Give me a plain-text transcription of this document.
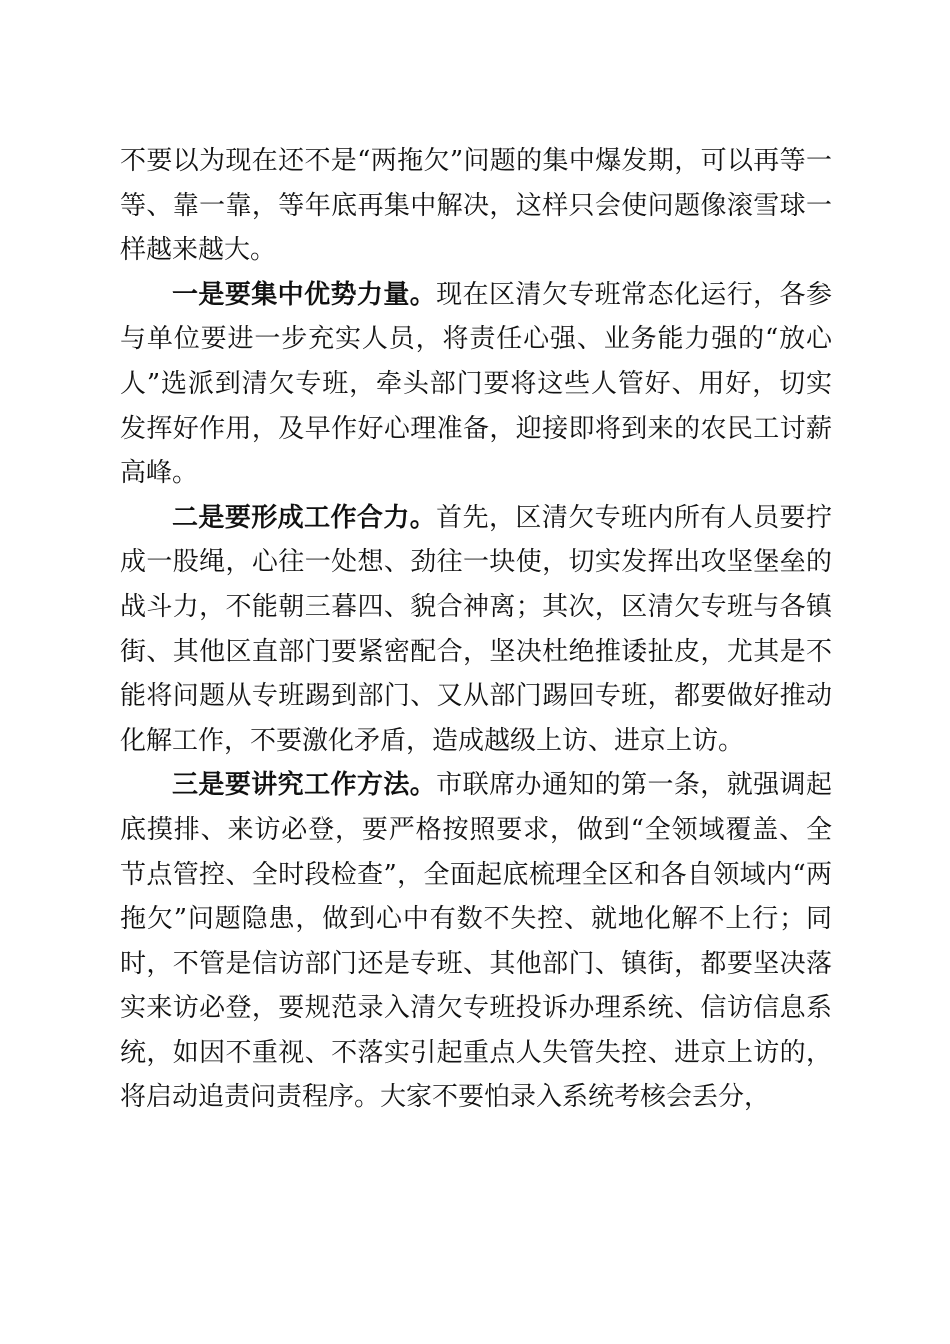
不要以为现在还不是“两拖欠”问题的集中爆发期，可以再等一等、靠一靠，等年底再集中解决，这样只会使问题像滚雪球一样越来越大。

一是要集中优势力量。现在区清欠专班常态化运行，各参与单位要进一步充实人员，将责任心强、业务能力强的“放心人”选派到清欠专班，牵头部门要将这些人管好、用好，切实发挥好作用，及早作好心理准备，迎接即将到来的农民工讨薪高峰。

二是要形成工作合力。首先，区清欠专班内所有人员要拧成一股绳，心往一处想、劲往一块使，切实发挥出攻坚堡垒的战斗力，不能朝三暮四、貌合神离；其次，区清欠专班与各镇街、其他区直部门要紧密配合，坚决杜绝推诿扯皮，尤其是不能将问题从专班踢到部门、又从部门踢回专班，都要做好推动化解工作，不要激化矛盾，造成越级上访、进京上访。

三是要讲究工作方法。市联席办通知的第一条，就强调起底摸排、来访必登，要严格按照要求，做到“全领域覆盖、全节点管控、全时段检查”，全面起底梳理全区和各自领域内“两拖欠”问题隐患，做到心中有数不失控、就地化解不上行；同时，不管是信访部门还是专班、其他部门、镇街，都要坚决落实来访必登，要规范录入清欠专班投诉办理系统、信访信息系统，如因不重视、不落实引起重点人失管失控、进京上访的，将启动追责问责程序。大家不要怕录入系统考核会丢分，
